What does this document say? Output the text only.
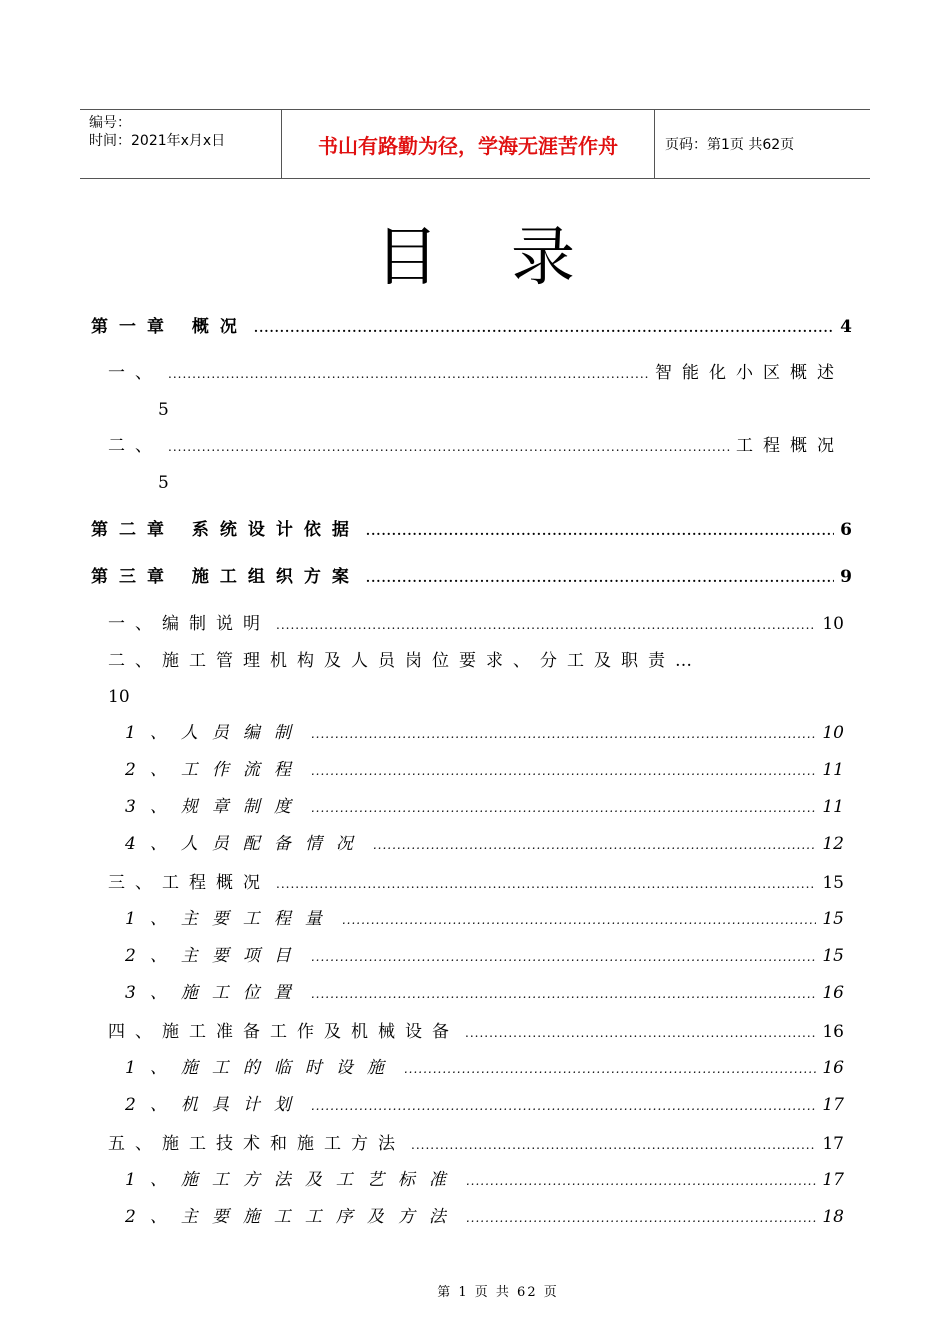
编号：
时间：2021年x月x日	书山有路勤为径，学海无涯苦作舟	页码：第1页 共62页
目录
第一章 概况 .....	4
一、 .....	智能化小区概述
5
二、 .....	工程概况
5
第二章 系统设计依据 .....	6
第三章 施工组织方案 .....	9
一、编制说明 .....	10
二、施工管理机构及人员岗位要求、分工及职责 …
10
1、人员编制 .....	10
2、工作流程 .....	11
3、规章制度 .....	11
4、人员配备情况 .....	12
三、工程概况 .....	15
1、主要工程量 .....	15
2、主要项目 .....	15
3、施工位置 .....	16
四、施工准备工作及机械设备 .....	16
1、施工的临时设施 .....	16
2、机具计划 .....	17
五、施工技术和施工方法 .....	17
1、施工方法及工艺标准 .....	17
2、主要施工工序及方法 .....	18
第 1 页 共 62 页
